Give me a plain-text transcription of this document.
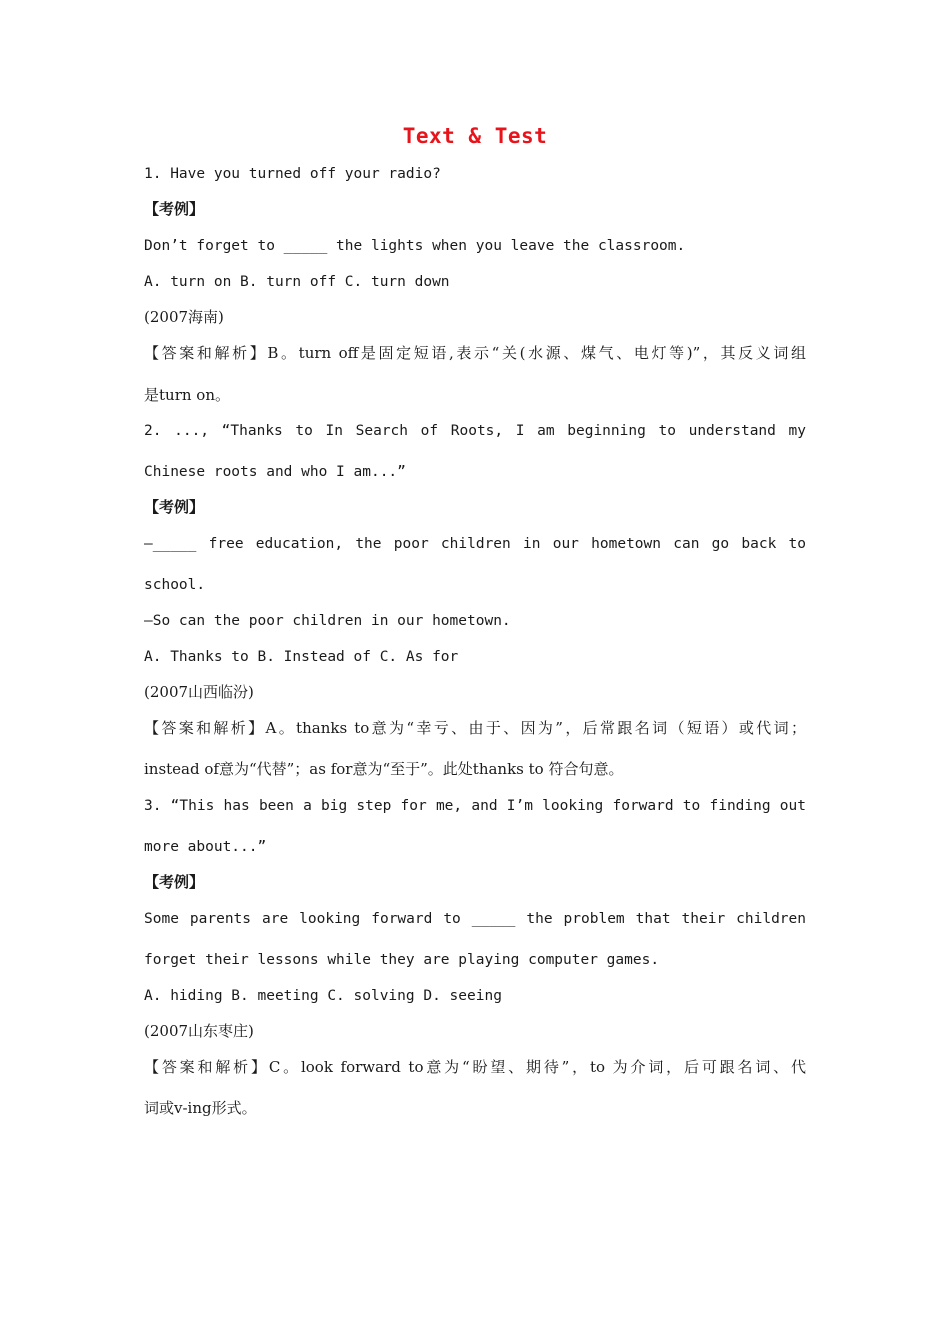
Text & Test
1. Have you turned off your radio?
【考例】
Don’t forget to _____ the lights when you leave the classroom.
A. turn on B. turn off C. turn down
(2007海南)
【答案和解析】B。turn off是固定短语,表示“关(水源、煤气、电灯等)”，其反义词组
是turn on。
2. ..., “Thanks to In Search of Roots, I am beginning to understand my
Chinese roots and who I am...”
【考例】
—_____ free education, the poor children in our hometown can go back to
school.
—So can the poor children in our hometown.
A. Thanks to B. Instead of C. As for
(2007山西临汾)
【答案和解析】A。thanks to意为“幸亏、由于、因为”，后常跟名词（短语）或代词；
instead of意为“代替”；as for意为“至于”。此处thanks to 符合句意。
3. “This has been a big step for me, and I’m looking forward to finding out
more about...”
【考例】
Some parents are looking forward to _____ the problem that their children
forget their lessons while they are playing computer games.
A. hiding B. meeting C. solving D. seeing
(2007山东枣庄)
【答案和解析】C。look forward to意为“盼望、期待”，to 为介词，后可跟名词、代
词或v-ing形式。
